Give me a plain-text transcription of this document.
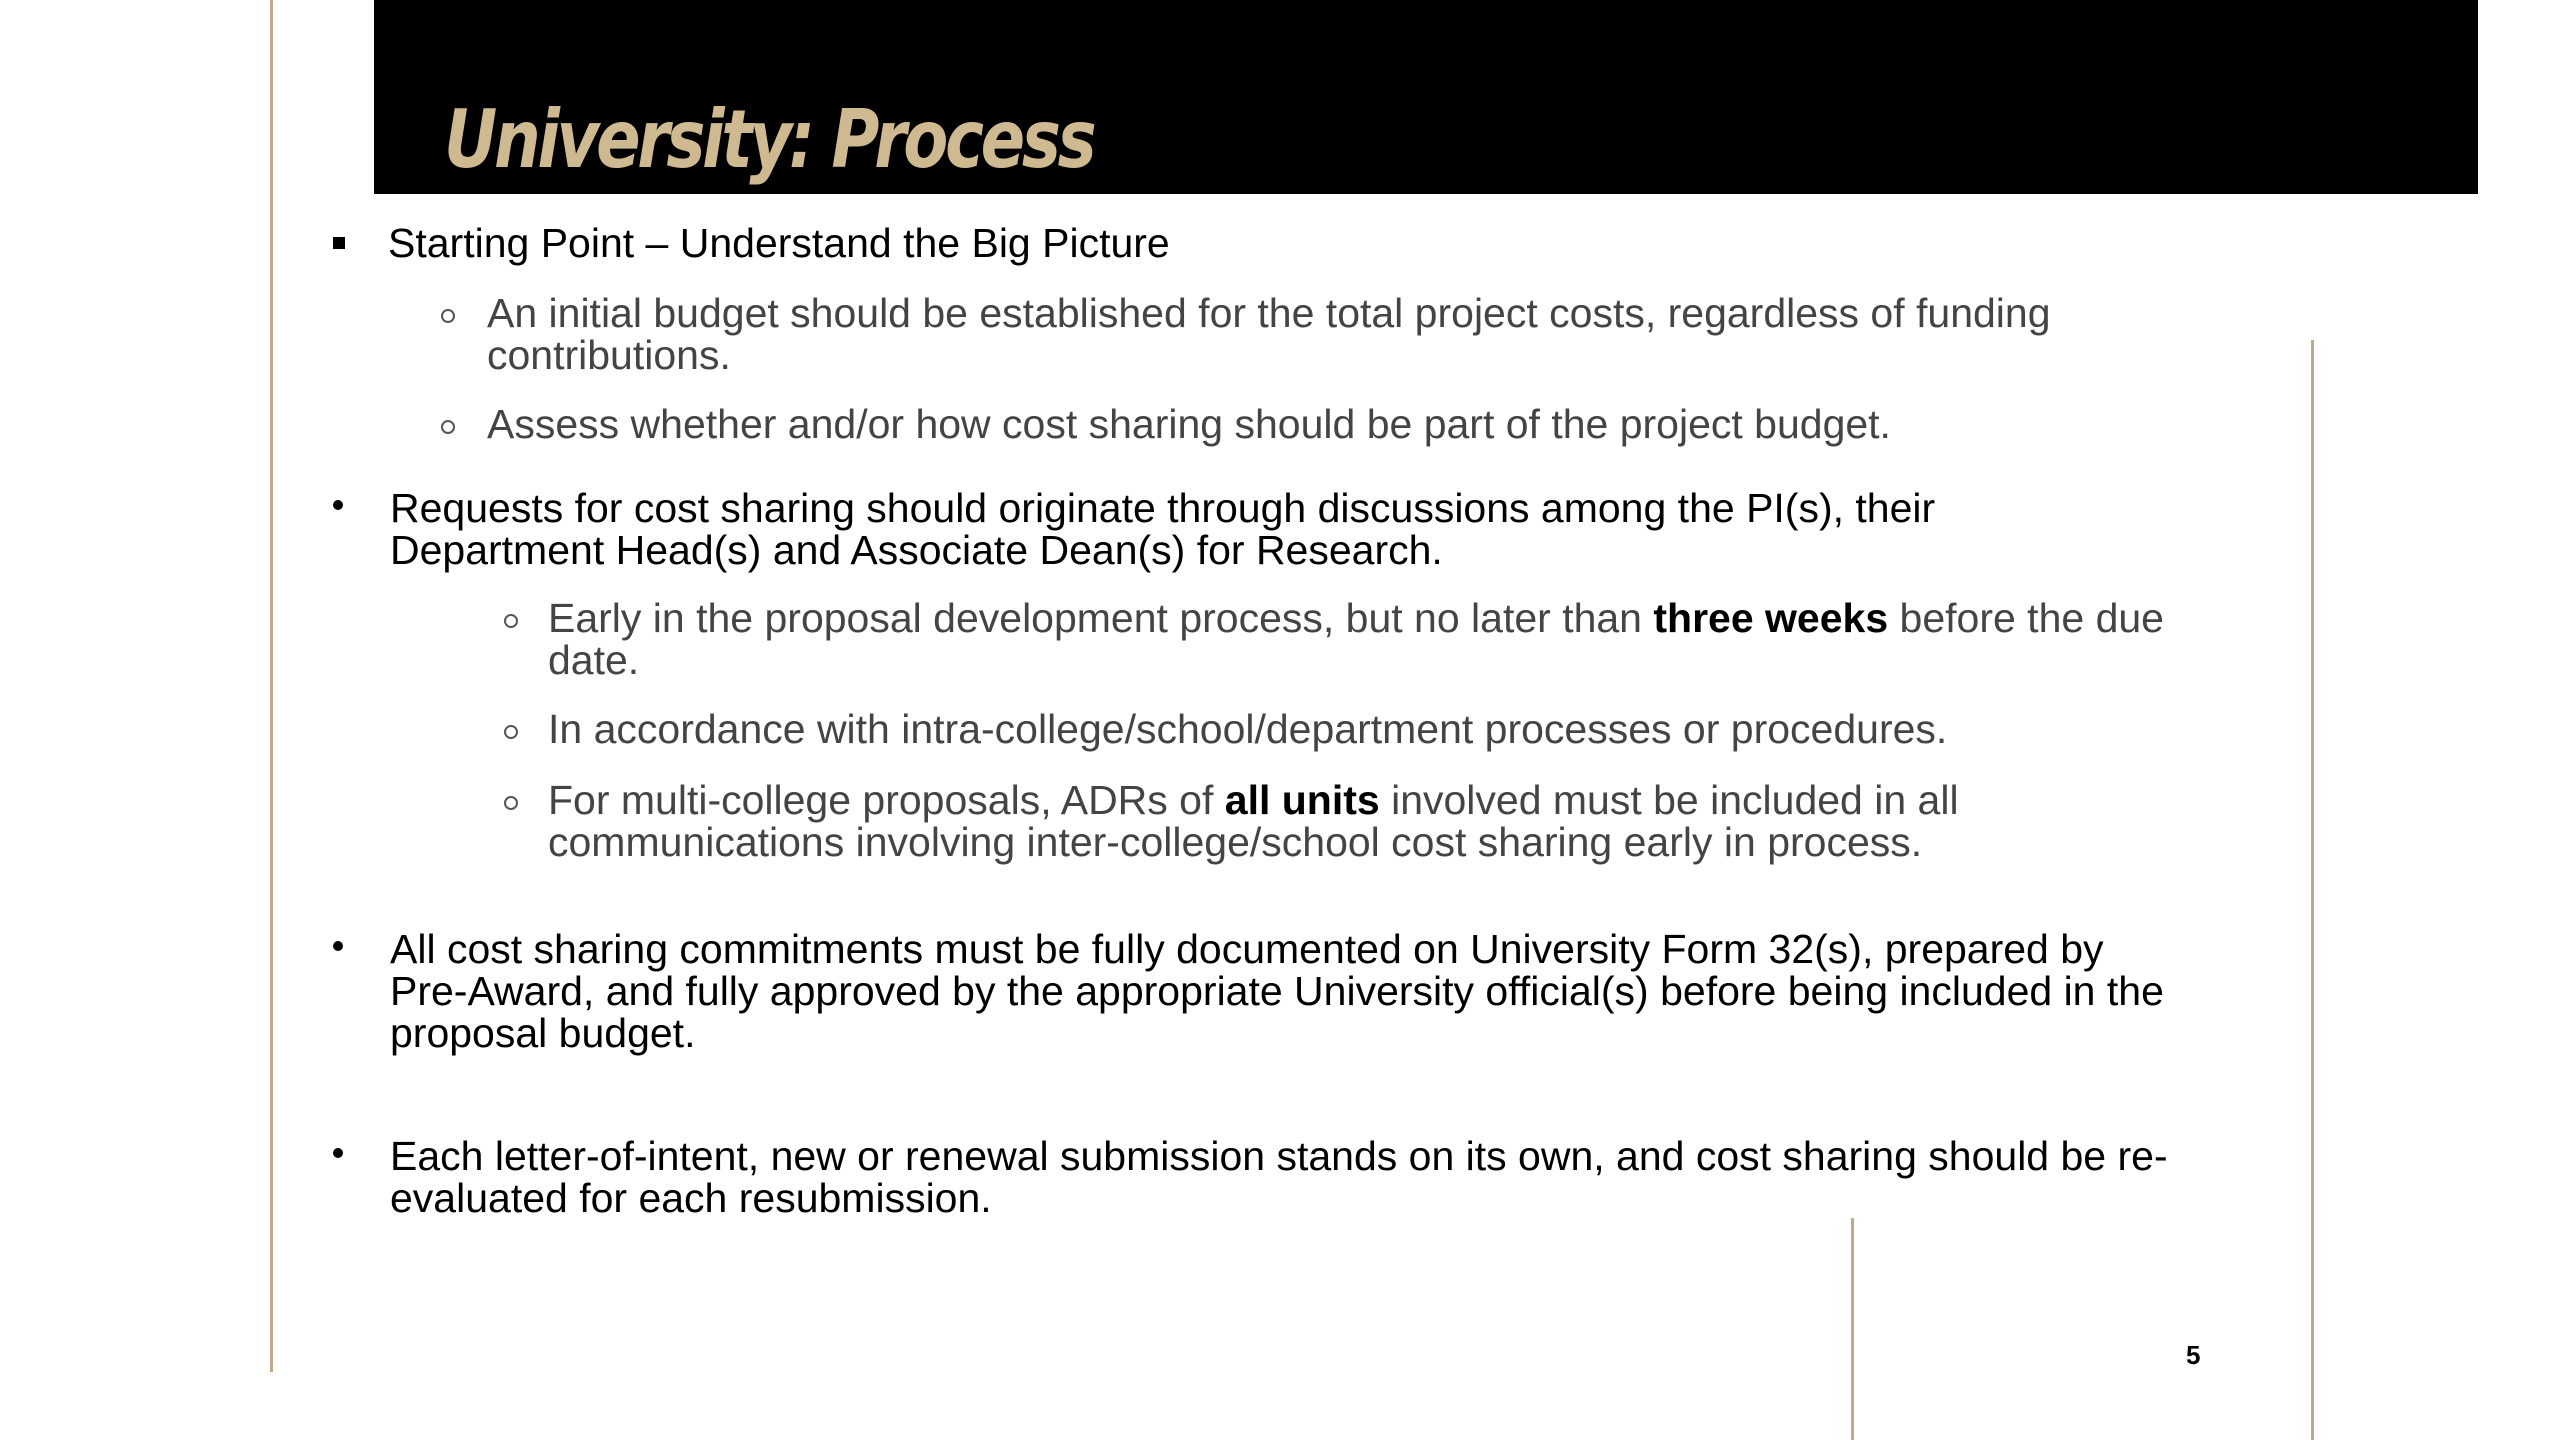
University: Process

Starting Point – Understand the Big Picture

An initial budget should be established for the total project costs, regardless of funding contributions.

Assess whether and/or how cost sharing should be part of the project budget.

Requests for cost sharing should originate through discussions among the PI(s), their Department Head(s) and Associate Dean(s) for Research.

Early in the proposal development process, but no later than three weeks before the due date.

In accordance with intra-college/school/department processes or procedures.

For multi-college proposals, ADRs of all units involved must be included in all communications involving inter-college/school cost sharing early in process.

All cost sharing commitments must be fully documented on University Form 32(s), prepared by Pre-Award, and fully approved by the appropriate University official(s) before being included in the proposal budget.

Each letter-of-intent, new or renewal submission stands on its own, and cost sharing should be re-evaluated for each resubmission.

5
